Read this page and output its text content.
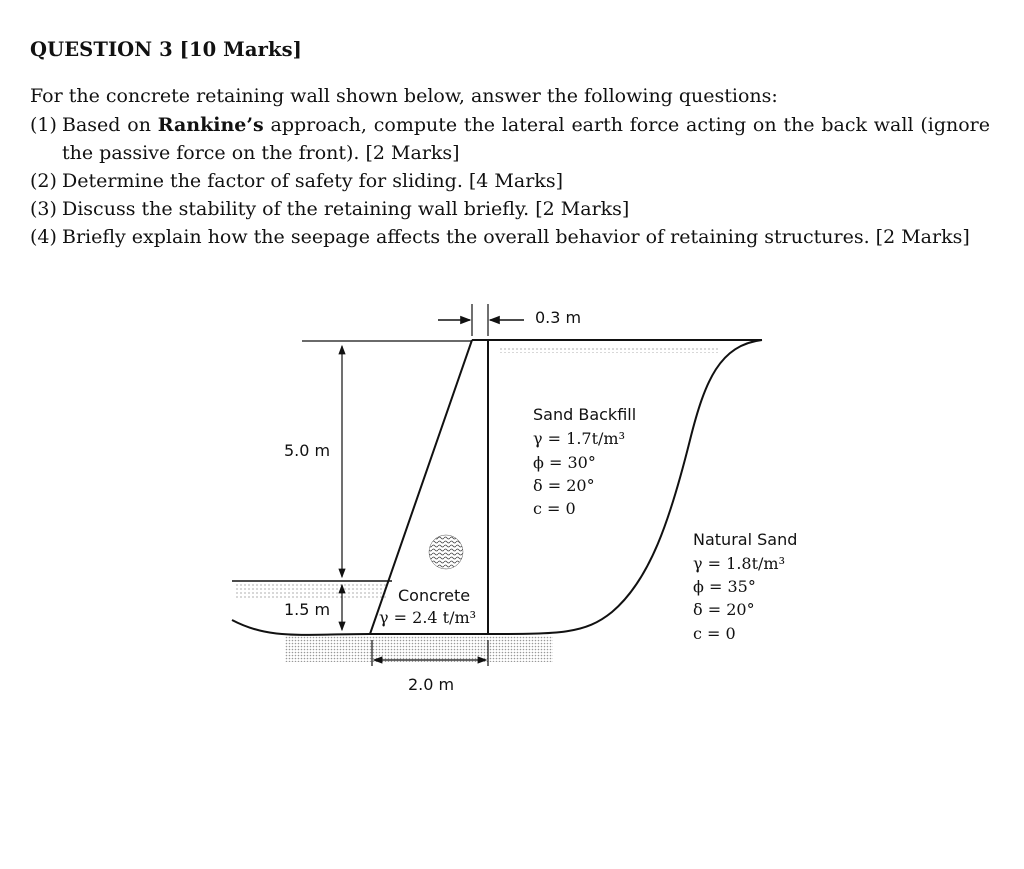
QUESTION 3 [10 Marks]
For the concrete retaining wall shown below, answer the following questions:
(1) Based on Rankine’s approach, compute the lateral earth force acting on the back wall (ignore the passive force on the front). [2 Marks]
(2) Determine the factor of safety for sliding. [4 Marks]
(3) Discuss the stability of the retaining wall briefly. [2 Marks]
(4) Briefly explain how the seepage affects the overall behavior of retaining structures. [2 Marks]
0.3 m
5.0 m
1.5 m
2.0 m
Sand Backfill
γ = 1.7t/m³
ϕ = 30°
δ = 20°
c = 0
Concrete
γ = 2.4 t/m³
Natural Sand
γ = 1.8t/m³
ϕ = 35°
δ = 20°
c = 0
